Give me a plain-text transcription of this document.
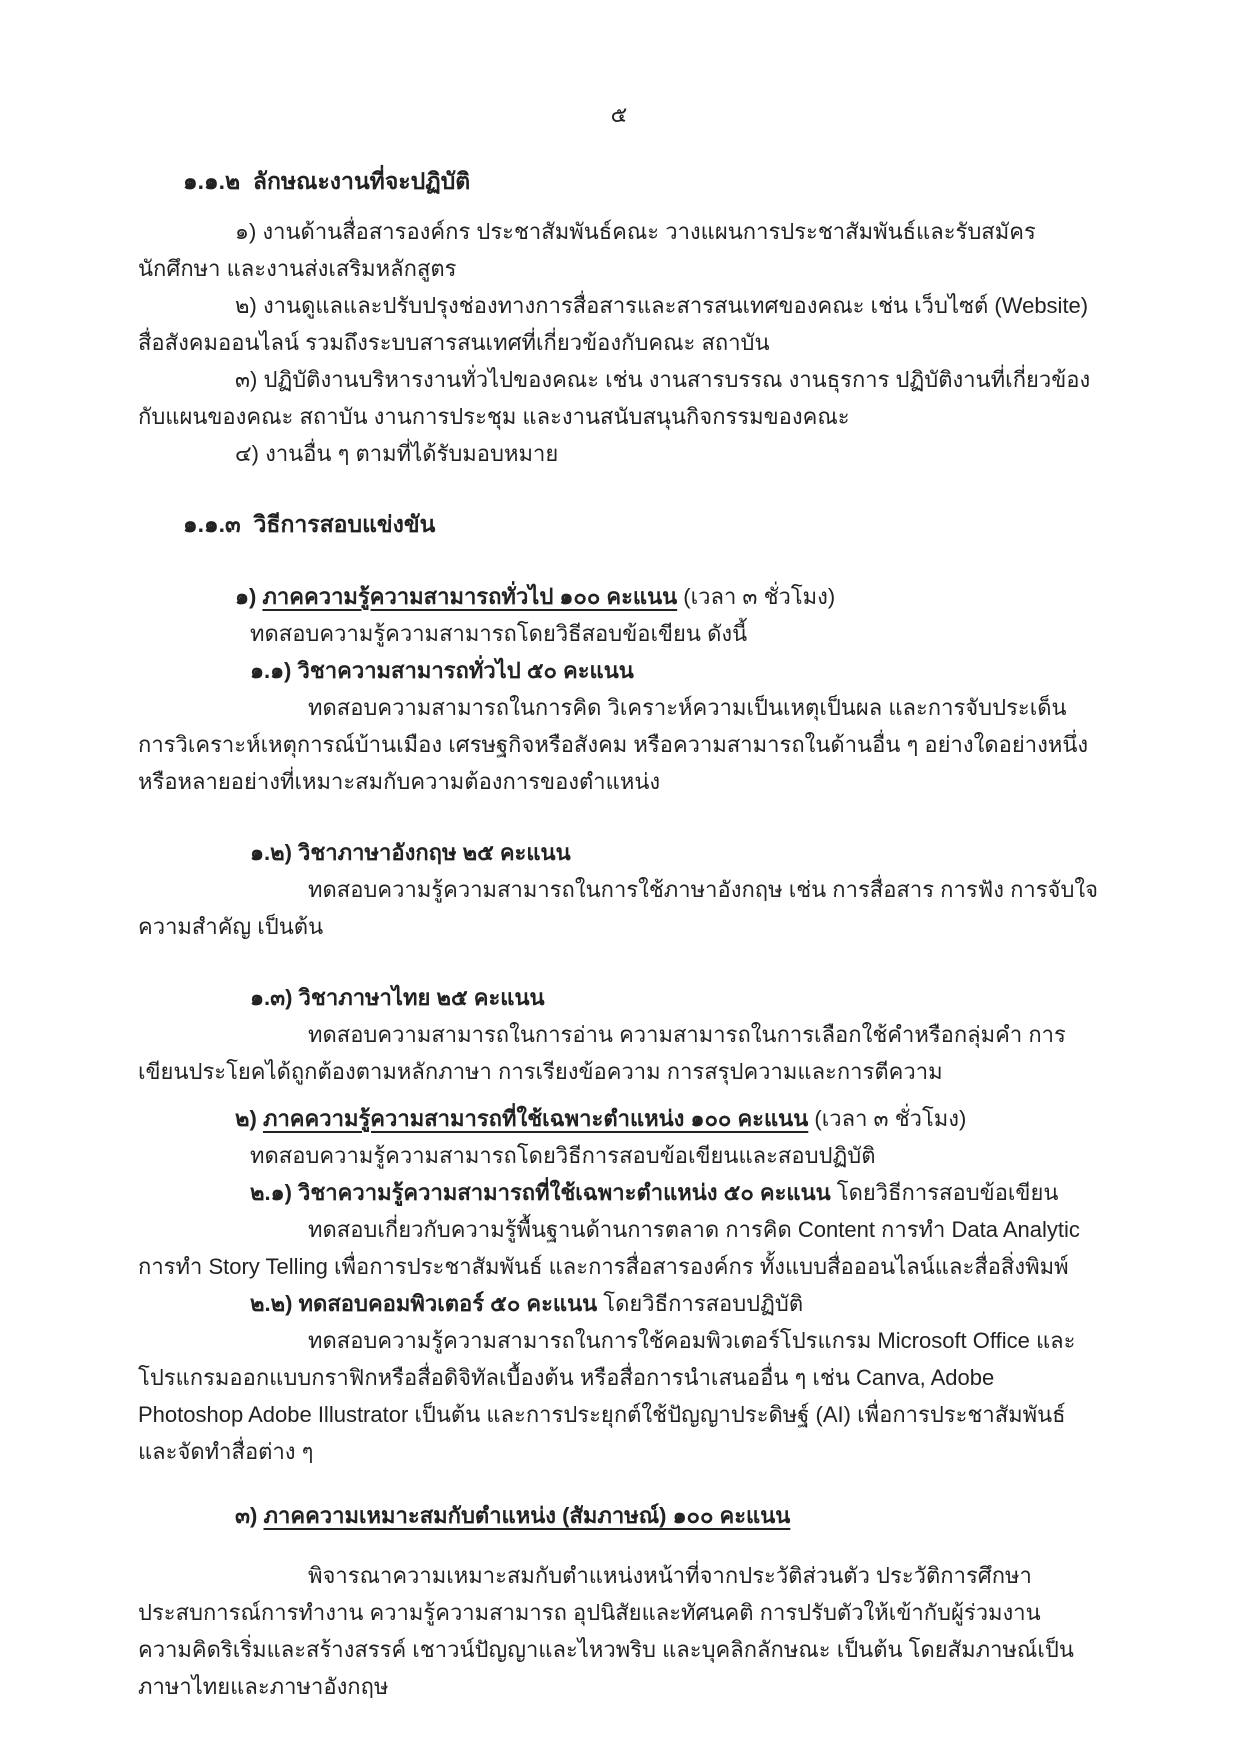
๕
๑.๑.๒ ลักษณะงานที่จะปฏิบัติ

๑) งานด้านสื่อสารองค์กร ประชาสัมพันธ์คณะ วางแผนการประชาสัมพันธ์และรับสมัครนักศึกษา และงานส่งเสริมหลักสูตร

๒) งานดูแลและปรับปรุงช่องทางการสื่อสารและสารสนเทศของคณะ เช่น เว็บไซต์ (Website) สื่อสังคมออนไลน์ รวมถึงระบบสารสนเทศที่เกี่ยวข้องกับคณะ สถาบัน

๓) ปฏิบัติงานบริหารงานทั่วไปของคณะ เช่น งานสารบรรณ งานธุรการ ปฏิบัติงานที่เกี่ยวข้อง กับแผนของคณะ สถาบัน งานการประชุม และงานสนับสนุนกิจกรรมของคณะ

๔) งานอื่น ๆ ตามที่ได้รับมอบหมาย

๑.๑.๓ วิธีการสอบแข่งขัน

๑) ภาคความรู้ความสามารถทั่วไป ๑๐๐ คะแนน (เวลา ๓ ชั่วโมง)

ทดสอบความรู้ความสามารถโดยวิธีสอบข้อเขียน ดังนี้

๑.๑) วิชาความสามารถทั่วไป ๕๐ คะแนน

ทดสอบความสามารถในการคิด วิเคราะห์ความเป็นเหตุเป็นผล และการจับประเด็น การวิเคราะห์เหตุการณ์บ้านเมือง เศรษฐกิจหรือสังคม หรือความสามารถในด้านอื่น ๆ อย่างใดอย่างหนึ่ง หรือหลายอย่างที่เหมาะสมกับความต้องการของตำแหน่ง

๑.๒) วิชาภาษาอังกฤษ ๒๕ คะแนน

ทดสอบความรู้ความสามารถในการใช้ภาษาอังกฤษ เช่น การสื่อสาร การฟัง การจับใจความสำคัญ เป็นต้น

๑.๓) วิชาภาษาไทย ๒๕ คะแนน

ทดสอบความสามารถในการอ่าน ความสามารถในการเลือกใช้คำหรือกลุ่มคำ การเขียนประโยคได้ถูกต้องตามหลักภาษา การเรียงข้อความ การสรุปความและการตีความ

๒) ภาคความรู้ความสามารถที่ใช้เฉพาะตำแหน่ง ๑๐๐ คะแนน (เวลา ๓ ชั่วโมง)

ทดสอบความรู้ความสามารถโดยวิธีการสอบข้อเขียนและสอบปฏิบัติ

๒.๑) วิชาความรู้ความสามารถที่ใช้เฉพาะตำแหน่ง ๕๐ คะแนน โดยวิธีการสอบข้อเขียน

ทดสอบเกี่ยวกับความรู้พื้นฐานด้านการตลาด การคิด Content การทำ Data Analytic การทำ Story Telling เพื่อการประชาสัมพันธ์ และการสื่อสารองค์กร ทั้งแบบสื่อออนไลน์และสื่อสิ่งพิมพ์

๒.๒) ทดสอบคอมพิวเตอร์ ๕๐ คะแนน โดยวิธีการสอบปฏิบัติ

ทดสอบความรู้ความสามารถในการใช้คอมพิวเตอร์โปรแกรม Microsoft Office และโปรแกรมออกแบบกราฟิกหรือสื่อดิจิทัลเบื้องต้น หรือสื่อการนำเสนออื่น ๆ เช่น Canva, Adobe Photoshop Adobe Illustrator เป็นต้น และการประยุกต์ใช้ปัญญาประดิษฐ์ (AI) เพื่อการประชาสัมพันธ์และจัดทำสื่อต่าง ๆ

๓) ภาคความเหมาะสมกับตำแหน่ง (สัมภาษณ์) ๑๐๐ คะแนน

พิจารณาความเหมาะสมกับตำแหน่งหน้าที่จากประวัติส่วนตัว ประวัติการศึกษา ประสบการณ์การทำงาน ความรู้ความสามารถ อุปนิสัยและทัศนคติ การปรับตัวให้เข้ากับผู้ร่วมงาน ความคิดริเริ่มและสร้างสรรค์ เชาวน์ปัญญาและไหวพริบ และบุคลิกลักษณะ เป็นต้น โดยสัมภาษณ์เป็นภาษาไทยและภาษาอังกฤษ
